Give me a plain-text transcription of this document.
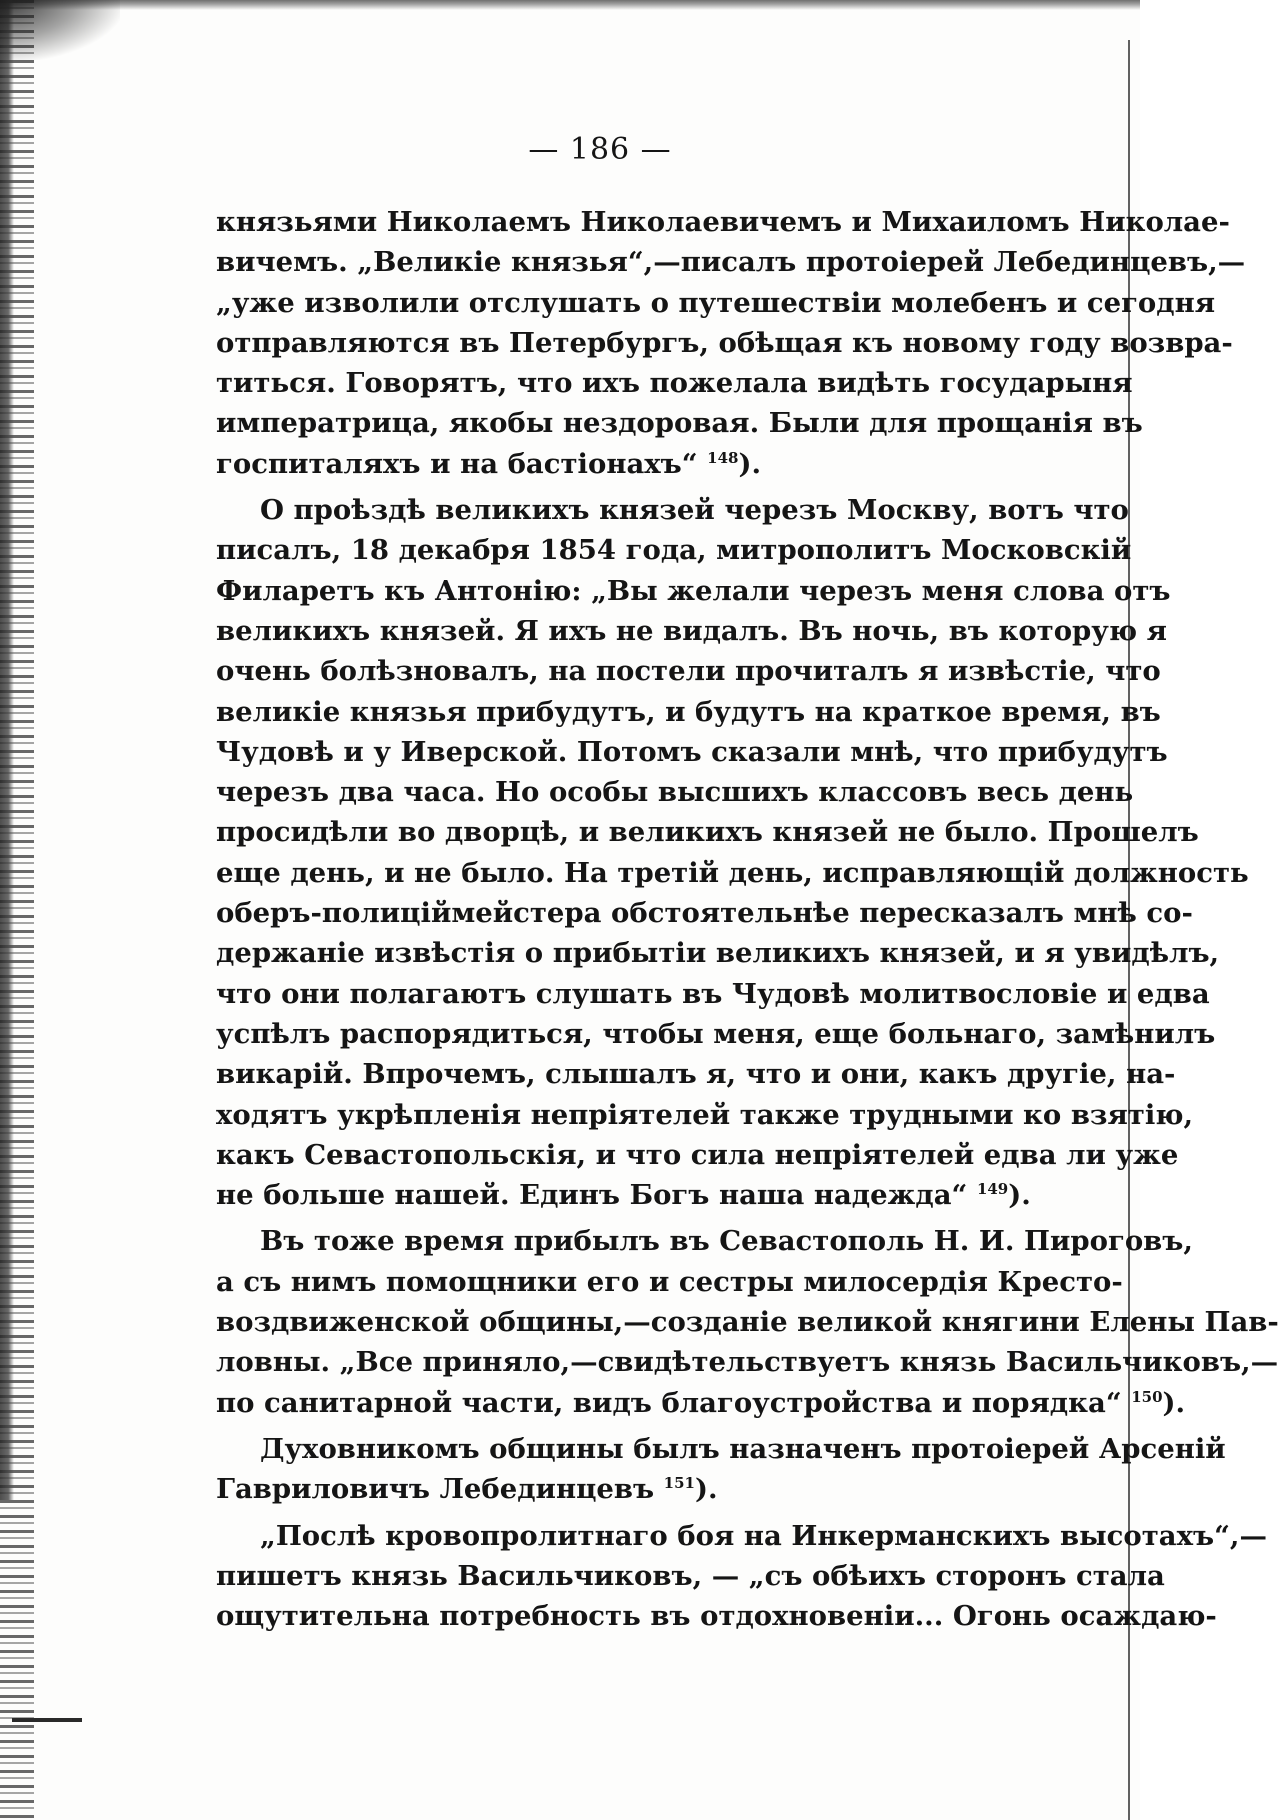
— 186 —
князьями Николаемъ Николаевичемъ и Михаиломъ Николае-
вичемъ. „Великіе князья“,—писалъ протоіерей Лебединцевъ,—
„уже изволили отслушать о путешествіи молебенъ и сегодня
отправляются въ Петербургъ, обѣщая къ новому году возвра-
титься. Говорятъ, что ихъ пожелала видѣть государыня
императрица, якобы нездоровая. Были для прощанія въ
госпиталяхъ и на бастіонахъ“ $^{148}$).
О проѣздѣ великихъ князей черезъ Москву, вотъ что
писалъ, 18 декабря 1854 года, митрополитъ Московскій
Филаретъ къ Антонію: „Вы желали черезъ меня слова отъ
великихъ князей. Я ихъ не видалъ. Въ ночь, въ которую я
очень болѣзновалъ, на постели прочиталъ я извѣстіе, что
великіе князья прибудутъ, и будутъ на краткое время, въ
Чудовѣ и у Иверской. Потомъ сказали мнѣ, что прибудутъ
черезъ два часа. Но особы высшихъ классовъ весь день
просидѣли во дворцѣ, и великихъ князей не было. Прошелъ
еще день, и не было. На третій день, исправляющій должность
оберъ-полиціймейстера обстоятельнѣе пересказалъ мнѣ со-
держаніе извѣстія о прибытіи великихъ князей, и я увидѣлъ,
что они полагаютъ слушать въ Чудовѣ молитвословіе и едва
успѣлъ распорядиться, чтобы меня, еще больнаго, замѣнилъ
викарій. Впрочемъ, слышалъ я, что и они, какъ другіе, на-
ходятъ укрѣпленія непріятелей также трудными ко взятію,
какъ Севастопольскія, и что сила непріятелей едва ли уже
не больше нашей. Единъ Богъ наша надежда“ $^{149}$).
Въ тоже время прибылъ въ Севастополь Н. И. Пироговъ,
а съ нимъ помощники его и сестры милосердія Кресто-
воздвиженской общины,—созданіе великой княгини Елены Пав-
ловны. „Все приняло,—свидѣтельствуетъ князь Васильчиковъ,—
по санитарной части, видъ благоустройства и порядка“ $^{150}$).
Духовникомъ общины былъ назначенъ протоіерей Арсеній
Гавриловичъ Лебединцевъ $^{151}$).
„Послѣ кровопролитнаго боя на Инкерманскихъ высотахъ“,—
пишетъ князь Васильчиковъ, — „съ обѣихъ сторонъ стала
ощутительна потребность въ отдохновеніи... Огонь осаждаю-
